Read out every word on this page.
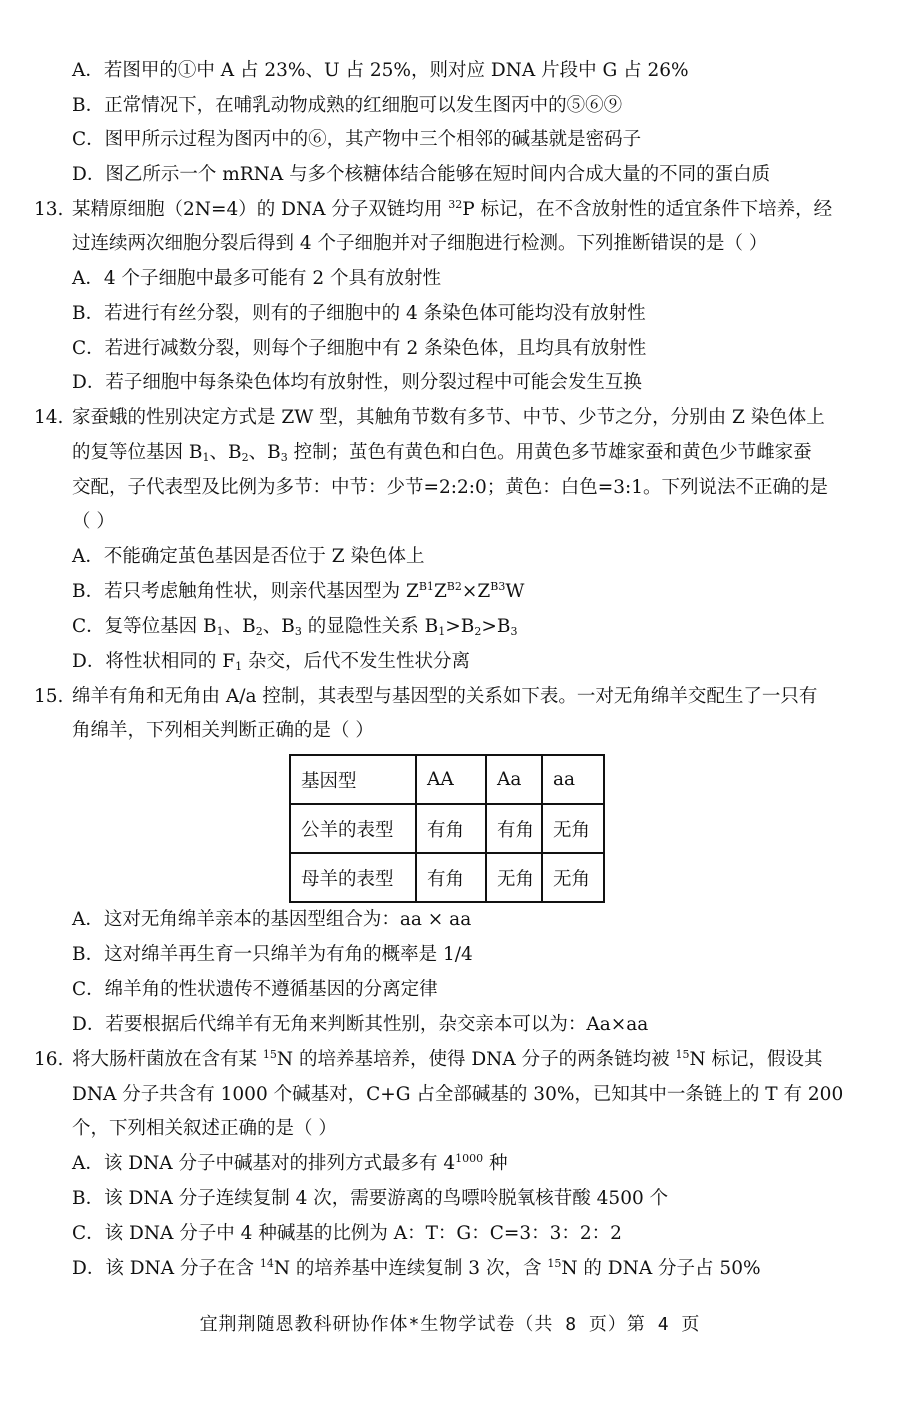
A．若图甲的①中 A 占 23%、U 占 25%，则对应 DNA 片段中 G 占 26%
B．正常情况下，在哺乳动物成熟的红细胞可以发生图丙中的⑤⑥⑨
C．图甲所示过程为图丙中的⑥，其产物中三个相邻的碱基就是密码子
D．图乙所示一个 mRNA 与多个核糖体结合能够在短时间内合成大量的不同的蛋白质
13. 某精原细胞（2N=4）的 DNA 分子双链均用 $^{32}$P 标记，在不含放射性的适宜条件下培养，经
过连续两次细胞分裂后得到 4 个子细胞并对子细胞进行检测。下列推断错误的是（ ）
A．4 个子细胞中最多可能有 2 个具有放射性
B．若进行有丝分裂，则有的子细胞中的 4 条染色体可能均没有放射性
C．若进行减数分裂，则每个子细胞中有 2 条染色体，且均具有放射性
D．若子细胞中每条染色体均有放射性，则分裂过程中可能会发生互换
14. 家蚕蛾的性别决定方式是 ZW 型，其触角节数有多节、中节、少节之分，分别由 Z 染色体上
的复等位基因 $B_1$、$B_2$、$B_3$ 控制；茧色有黄色和白色。用黄色多节雄家蚕和黄色少节雌家蚕
交配，子代表型及比例为多节：中节：少节=2:2:0；黄色：白色=3:1。下列说法不正确的是
（ ）
A．不能确定茧色基因是否位于 Z 染色体上
B．若只考虑触角性状，则亲代基因型为 $Z^{B1}Z^{B2}\times Z^{B3}W$
C．复等位基因 $B_1$、$B_2$、$B_3$ 的显隐性关系 $B_1>B_2>B_3$
D．将性状相同的 $F_1$ 杂交，后代不发生性状分离
15. 绵羊有角和无角由 A/a 控制，其表型与基因型的关系如下表。一对无角绵羊交配生了一只有
角绵羊，下列相关判断正确的是（ ）
基因型	AA	Aa	aa
公羊的表型	有角	有角	无角
母羊的表型	有角	无角	无角
A．这对无角绵羊亲本的基因型组合为：aa × aa
B．这对绵羊再生育一只绵羊为有角的概率是 1/4
C．绵羊角的性状遗传不遵循基因的分离定律
D．若要根据后代绵羊有无角来判断其性别，杂交亲本可以为：Aa×aa
16. 将大肠杆菌放在含有某 $^{15}$N 的培养基培养，使得 DNA 分子的两条链均被 $^{15}$N 标记，假设其
DNA 分子共含有 1000 个碱基对，C+G 占全部碱基的 30%，已知其中一条链上的 T 有 200
个，下列相关叙述正确的是（ ）
A．该 DNA 分子中碱基对的排列方式最多有 $4^{1000}$ 种
B．该 DNA 分子连续复制 4 次，需要游离的鸟嘌呤脱氧核苷酸 4500 个
C．该 DNA 分子中 4 种碱基的比例为 A：T：G：C=3：3：2：2
D．该 DNA 分子在含 $^{14}$N 的培养基中连续复制 3 次，含 $^{15}$N 的 DNA 分子占 50%
宜荆荆随恩教科研协作体*生物学试卷（共 8 页）第 4 页
